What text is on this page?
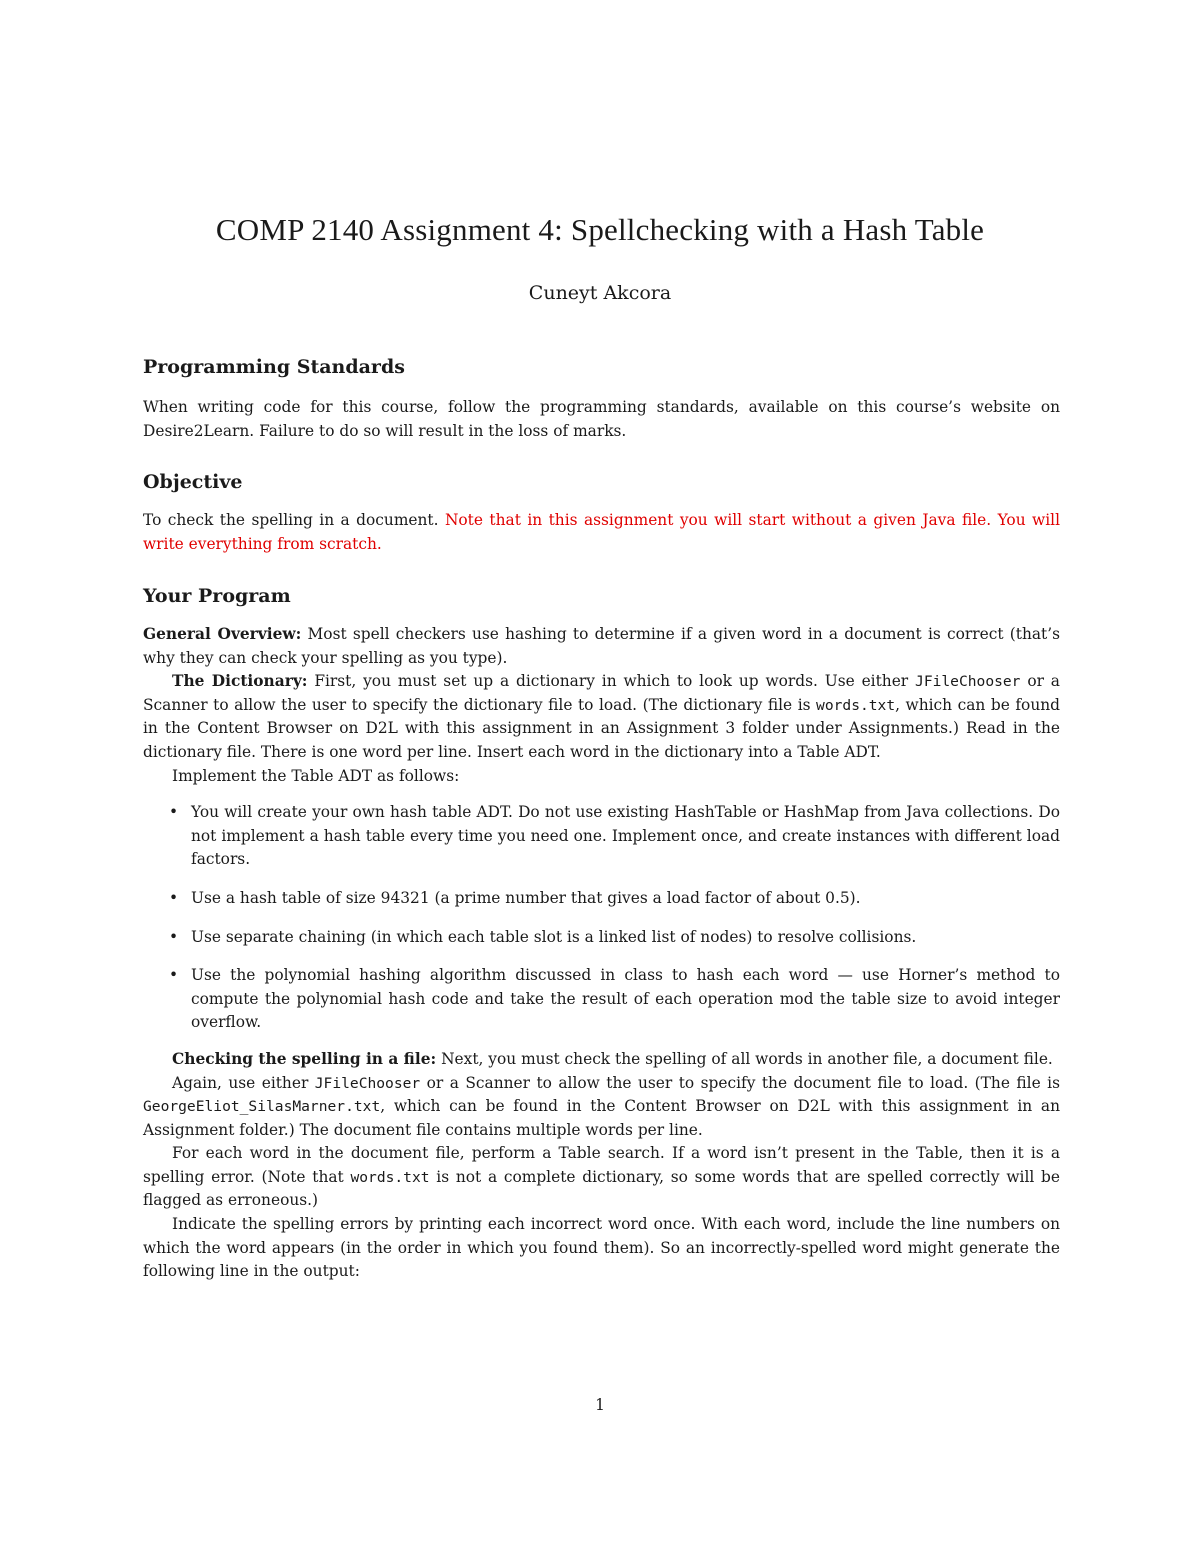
COMP 2140 Assignment 4: Spellchecking with a Hash Table
Cuneyt Akcora
Programming Standards

When writing code for this course, follow the programming standards, available on this course’s website on Desire2Learn. Failure to do so will result in the loss of marks.

Objective

To check the spelling in a document. Note that in this assignment you will start without a given Java file. You will write everything from scratch.

Your Program

General Overview: Most spell checkers use hashing to determine if a given word in a document is correct (that’s why they can check your spelling as you type).

The Dictionary: First, you must set up a dictionary in which to look up words. Use either JFileChooser or a Scanner to allow the user to specify the dictionary file to load. (The dictionary file is words.txt, which can be found in the Content Browser on D2L with this assignment in an Assignment 3 folder under Assignments.) Read in the dictionary file. There is one word per line. Insert each word in the dictionary into a Table ADT.

Implement the Table ADT as follows:

• You will create your own hash table ADT. Do not use existing HashTable or HashMap from Java collections. Do not implement a hash table every time you need one. Implement once, and create instances with different load factors.
• Use a hash table of size 94321 (a prime number that gives a load factor of about 0.5).
• Use separate chaining (in which each table slot is a linked list of nodes) to resolve collisions.
• Use the polynomial hashing algorithm discussed in class to hash each word — use Horner’s method to compute the polynomial hash code and take the result of each operation mod the table size to avoid integer overflow.

Checking the spelling in a file: Next, you must check the spelling of all words in another file, a document file.

Again, use either JFileChooser or a Scanner to allow the user to specify the document file to load. (The file is GeorgeEliot_SilasMarner.txt, which can be found in the Content Browser on D2L with this assignment in an Assignment folder.) The document file contains multiple words per line.

For each word in the document file, perform a Table search. If a word isn’t present in the Table, then it is a spelling error. (Note that words.txt is not a complete dictionary, so some words that are spelled correctly will be flagged as erroneous.)

Indicate the spelling errors by printing each incorrect word once. With each word, include the line numbers on which the word appears (in the order in which you found them). So an incorrectly-spelled word might generate the following line in the output:

1
